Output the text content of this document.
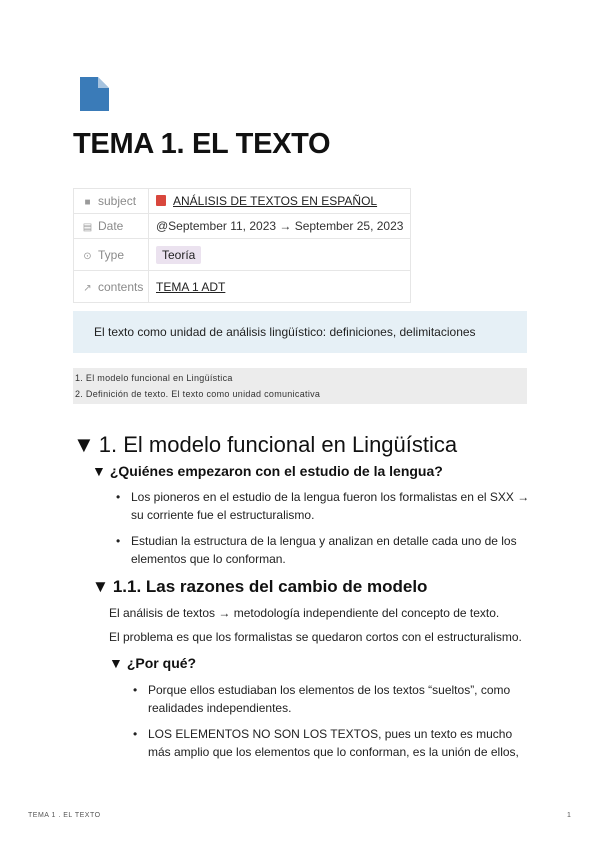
TEMA 1. EL TEXTO
■ subject	ANÁLISIS DE TEXTOS EN ESPAÑOL
▤ Date	@September 11, 2023 → September 25, 2023
⊙ Type	Teoría
↗ contents	TEMA 1 ADT
El texto como unidad de análisis lingüístico: definiciones, delimitaciones
1. El modelo funcional en Lingüística
2. Definición de texto. El texto como unidad comunicativa
▼ 1. El modelo funcional en Lingüística
▼ ¿Quiénes empezaron con el estudio de la lengua?
• Los pioneros en el estudio de la lengua fueron los formalistas en el SXX → su corriente fue el estructuralismo.
• Estudian la estructura de la lengua y analizan en detalle cada uno de los elementos que lo conforman.
▼ 1.1. Las razones del cambio de modelo
El análisis de textos → metodología independiente del concepto de texto.
El problema es que los formalistas se quedaron cortos con el estructuralismo.
▼ ¿Por qué?
• Porque ellos estudiaban los elementos de los textos “sueltos”, como realidades independientes.
• LOS ELEMENTOS NO SON LOS TEXTOS, pues un texto es mucho más amplio que los elementos que lo conforman, es la unión de ellos,
TEMA 1 . EL TEXTO	1
